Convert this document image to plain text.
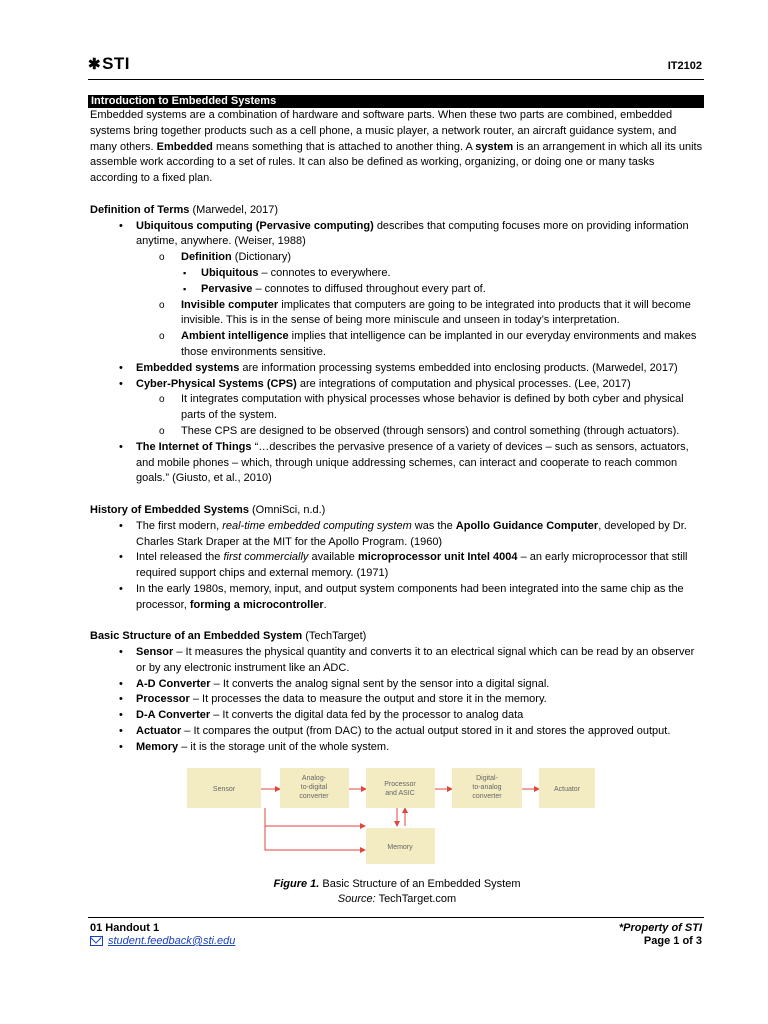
✱STI	IT2102
Introduction to Embedded Systems

Embedded systems are a combination of hardware and software parts. When these two parts are combined, embedded systems bring together products such as a cell phone, a music player, a network router, an aircraft guidance system, and many others. Embedded means something that is attached to another thing. A system is an arrangement in which all its units assemble work according to a set of rules. It can also be defined as working, organizing, or doing one or many tasks according to a fixed plan.

Definition of Terms (Marwedel, 2017)

• Ubiquitous computing (Pervasive computing) describes that computing focuses more on providing information anytime, anywhere. (Weiser, 1988)

o Definition (Dictionary)

▪ Ubiquitous – connotes to everywhere.

▪ Pervasive – connotes to diffused throughout every part of.

o Invisible computer implicates that computers are going to be integrated into products that it will become invisible. This is in the sense of being more miniscule and unseen in today’s interpretation.

o Ambient intelligence implies that intelligence can be implanted in our everyday environments and makes those environments sensitive.

• Embedded systems are information processing systems embedded into enclosing products. (Marwedel, 2017)

• Cyber-Physical Systems (CPS) are integrations of computation and physical processes. (Lee, 2017)

o It integrates computation with physical processes whose behavior is defined by both cyber and physical parts of the system.

o These CPS are designed to be observed (through sensors) and control something (through actuators).

• The Internet of Things “…describes the pervasive presence of a variety of devices – such as sensors, actuators, and mobile phones – which, through unique addressing schemes, can interact and cooperate to reach common goals.” (Giusto, et al., 2010)

History of Embedded Systems (OmniSci, n.d.)

• The first modern, real-time embedded computing system was the Apollo Guidance Computer, developed by Dr. Charles Stark Draper at the MIT for the Apollo Program. (1960)

• Intel released the first commercially available microprocessor unit Intel 4004 – an early microprocessor that still required support chips and external memory. (1971)

• In the early 1980s, memory, input, and output system components had been integrated into the same chip as the processor, forming a microcontroller.

Basic Structure of an Embedded System (TechTarget)

• Sensor – It measures the physical quantity and converts it to an electrical signal which can be read by an observer or by any electronic instrument like an ADC.

• A-D Converter – It converts the analog signal sent by the sensor into a digital signal.

• Processor – It processes the data to measure the output and store it in the memory.

• D-A Converter – It converts the digital data fed by the processor to analog data

• Actuator – It compares the output (from DAC) to the actual output stored in it and stores the approved output.

• Memory – it is the storage unit of the whole system.

Sensor
Analog-
to-digital
converter
Processor
and ASIC
Digital-
to-analog
converter
Actuator
Memory
Figure 1. Basic Structure of an Embedded System
Source: TechTarget.com
01 Handout 1
student.feedback@sti.edu
*Property of STI
Page 1 of 3
